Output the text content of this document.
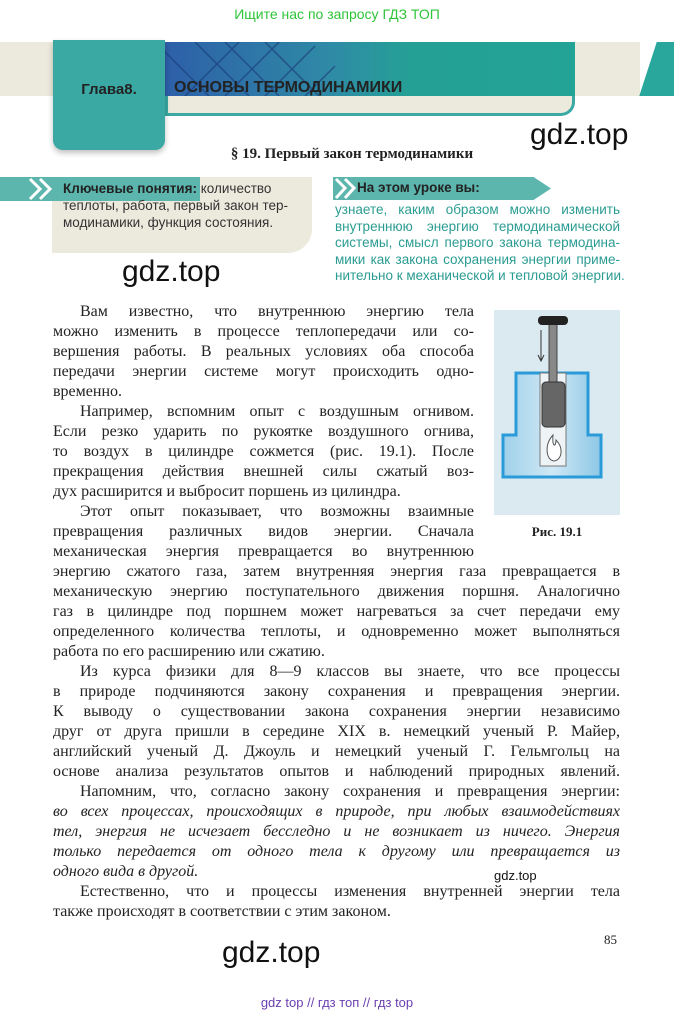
Ищите нас по запросу ГДЗ ТОП
Глава8. ОСНОВЫ ТЕРМОДИНАМИКИ
gdz.top
§ 19. Первый закон термодинамики
Ключевые понятия: количество
теплоты, работа, первый закон тер-
модинамики, функция состояния.
На этом уроке вы:
узнаете, каким образом можно изменить
внутреннюю энергию термодинамической
системы, смысл первого закона термодина-
мики как закона сохранения энергии приме-
нительно к механической и тепловой энергии.
gdz.top
Вам известно, что внутреннюю энергию тела
можно изменить в процессе теплопередачи или со-
вершения работы. В реальных условиях оба способа
передачи энергии системе могут происходить одно-
временно.
Например, вспомним опыт с воздушным огнивом.
Если резко ударить по рукоятке воздушного огнива,
то воздух в цилиндре сожмется (рис. 19.1). После
прекращения действия внешней силы сжатый воз-
дух расширится и выбросит поршень из цилиндра.
Этот опыт показывает, что возможны взаимные
превращения различных видов энергии. Сначала
механическая энергия превращается во внутреннюю
энергию сжатого газа, затем внутренняя энергия газа превращается в
механическую энергию поступательного движения поршня. Аналогично
газ в цилиндре под поршнем может нагреваться за счет передачи ему
определенного количества теплоты, и одновременно может выполняться
работа по его расширению или сжатию.
Из курса физики для 8—9 классов вы знаете, что все процессы
в природе подчиняются закону сохранения и превращения энергии.
К выводу о существовании закона сохранения энергии независимо
друг от друга пришли в середине XIX в. немецкий ученый Р. Майер,
английский ученый Д. Джоуль и немецкий ученый Г. Гельмгольц на
основе анализа результатов опытов и наблюдений природных явлений.
Напомним, что, согласно закону сохранения и превращения энергии:
во всех процессах, происходящих в природе, при любых взаимодействиях
тел, энергия не исчезает бесследно и не возникает из ничего. Энергия
только передается от одного тела к другому или превращается из
одного вида в другой.
Естественно, что и процессы изменения внутренней энергии тела
также происходят в соответствии с этим законом.
Рис. 19.1
gdz.top
85
gdz.top
gdz top // гдз топ // гдз top
